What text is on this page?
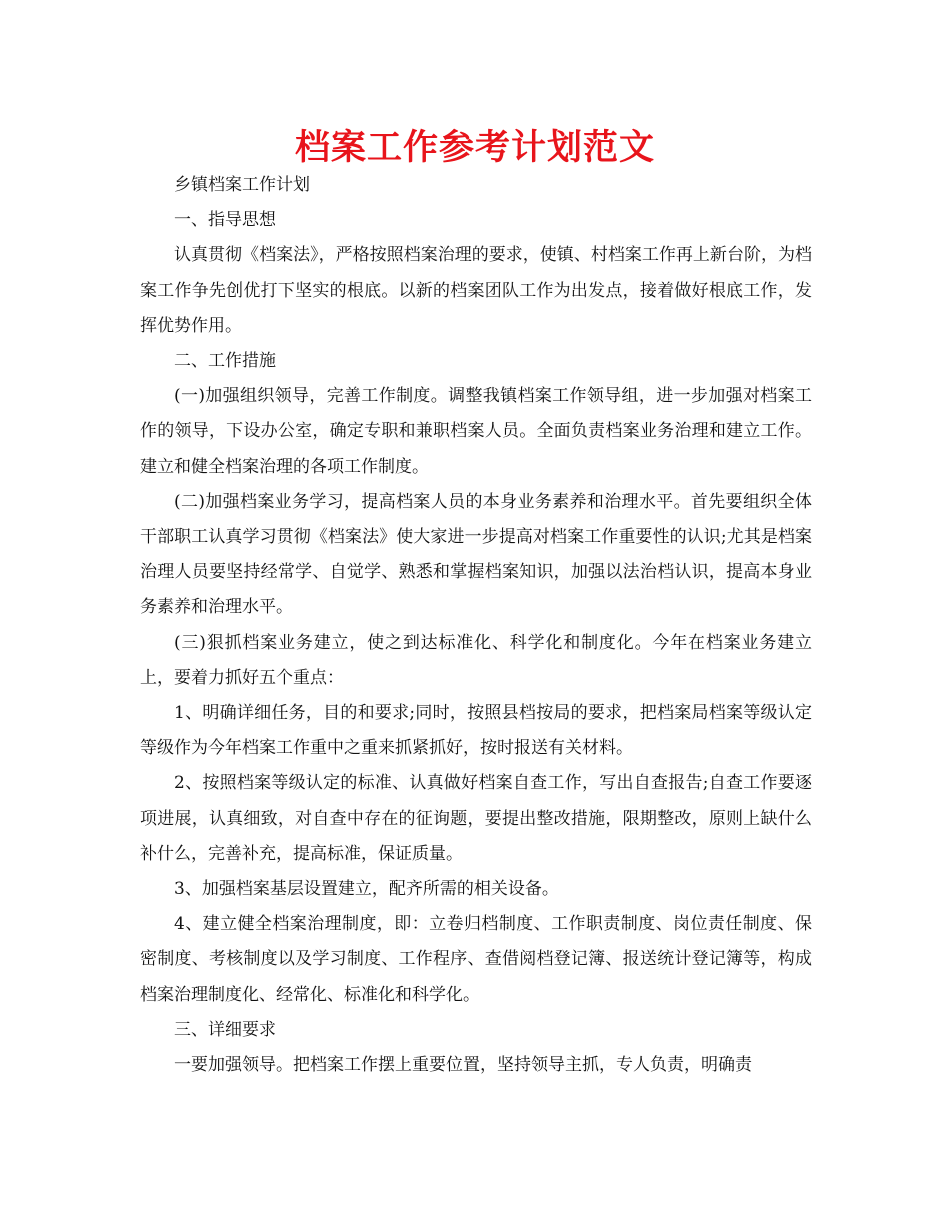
档案工作参考计划范文

乡镇档案工作计划

一、指导思想

认真贯彻《档案法》，严格按照档案治理的要求，使镇、村档案工作再上新台阶，为档案工作争先创优打下坚实的根底。以新的档案团队工作为出发点，接着做好根底工作，发挥优势作用。

二、工作措施

(一)加强组织领导，完善工作制度。调整我镇档案工作领导组，进一步加强对档案工作的领导，下设办公室，确定专职和兼职档案人员。全面负责档案业务治理和建立工作。建立和健全档案治理的各项工作制度。

(二)加强档案业务学习，提高档案人员的本身业务素养和治理水平。首先要组织全体干部职工认真学习贯彻《档案法》使大家进一步提高对档案工作重要性的认识;尤其是档案治理人员要坚持经常学、自觉学、熟悉和掌握档案知识，加强以法治档认识，提高本身业务素养和治理水平。

(三)狠抓档案业务建立，使之到达标准化、科学化和制度化。今年在档案业务建立上，要着力抓好五个重点：

1、明确详细任务，目的和要求;同时，按照县档按局的要求，把档案局档案等级认定等级作为今年档案工作重中之重来抓紧抓好，按时报送有关材料。

2、按照档案等级认定的标准、认真做好档案自查工作，写出自查报告;自查工作要逐项进展，认真细致，对自查中存在的征询题，要提出整改措施，限期整改，原则上缺什么补什么，完善补充，提高标准，保证质量。

3、加强档案基层设置建立，配齐所需的相关设备。

4、建立健全档案治理制度，即：立卷归档制度、工作职责制度、岗位责任制度、保密制度、考核制度以及学习制度、工作程序、查借阅档登记簿、报送统计登记簿等，构成档案治理制度化、经常化、标准化和科学化。

三、详细要求

一要加强领导。把档案工作摆上重要位置，坚持领导主抓，专人负责，明确责
